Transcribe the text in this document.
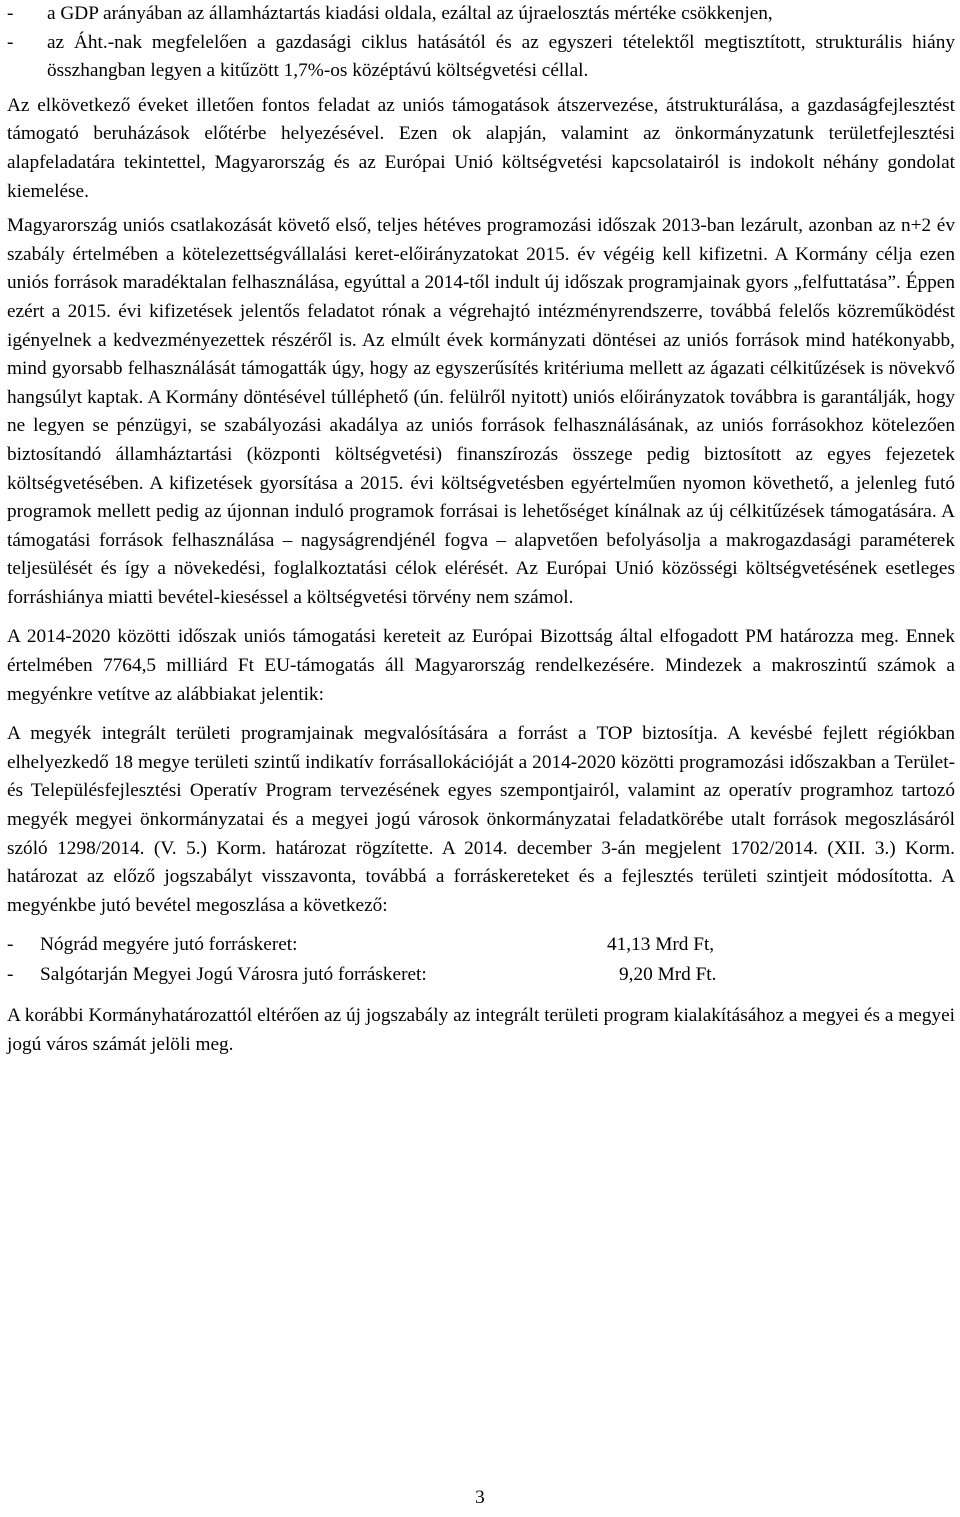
-	a GDP arányában az államháztartás kiadási oldala, ezáltal az újraelosztás mértéke csökkenjen,
-	az Áht.-nak megfelelően a gazdasági ciklus hatásától és az egyszeri tételektől megtisztított, strukturális hiány összhangban legyen a kitűzött 1,7%-os középtávú költségvetési céllal.

Az elkövetkező éveket illetően fontos feladat az uniós támogatások átszervezése, átstrukturálása, a gazdaságfejlesztést támogató beruházások előtérbe helyezésével. Ezen ok alapján, valamint az önkormányzatunk területfejlesztési alapfeladatára tekintettel, Magyarország és az Európai Unió költségvetési kapcsolatairól is indokolt néhány gondolat kiemelése.

Magyarország uniós csatlakozását követő első, teljes hétéves programozási időszak 2013-ban lezárult, azonban az n+2 év szabály értelmében a kötelezettségvállalási keret-előirányzatokat 2015. év végéig kell kifizetni. A Kormány célja ezen uniós források maradéktalan felhasználása, egyúttal a 2014-től indult új időszak programjainak gyors „felfuttatása”. Éppen ezért a 2015. évi kifizetések jelentős feladatot rónak a végrehajtó intézményrendszerre, továbbá felelős közreműködést igényelnek a kedvezményezettek részéről is. Az elmúlt évek kormányzati döntései az uniós források mind hatékonyabb, mind gyorsabb felhasználását támogatták úgy, hogy az egyszerűsítés kritériuma mellett az ágazati célkitűzések is növekvő hangsúlyt kaptak. A Kormány döntésével túlléphető (ún. felülről nyitott) uniós előirányzatok továbbra is garantálják, hogy ne legyen se pénzügyi, se szabályozási akadálya az uniós források felhasználásának, az uniós forrásokhoz kötelezően biztosítandó államháztartási (központi költségvetési) finanszírozás összege pedig biztosított az egyes fejezetek költségvetésében. A kifizetések gyorsítása a 2015. évi költségvetésben egyértelműen nyomon követhető, a jelenleg futó programok mellett pedig az újonnan induló programok forrásai is lehetőséget kínálnak az új célkitűzések támogatására. A támogatási források felhasználása – nagyságrendjénél fogva – alapvetően befolyásolja a makrogazdasági paraméterek teljesülését és így a növekedési, foglalkoztatási célok elérését. Az Európai Unió közösségi költségvetésének esetleges forráshiánya miatti bevétel-kieséssel a költségvetési törvény nem számol.

A 2014-2020 közötti időszak uniós támogatási kereteit az Európai Bizottság által elfogadott PM határozza meg. Ennek értelmében 7764,5 milliárd Ft EU-támogatás áll Magyarország rendelkezésére. Mindezek a makroszintű számok a megyénkre vetítve az alábbiakat jelentik:

A megyék integrált területi programjainak megvalósítására a forrást a TOP biztosítja. A kevésbé fejlett régiókban elhelyezkedő 18 megye területi szintű indikatív forrásallokációját a 2014-2020 közötti programozási időszakban a Terület- és Településfejlesztési Operatív Program tervezésének egyes szempontjairól, valamint az operatív programhoz tartozó megyék megyei önkormányzatai és a megyei jogú városok önkormányzatai feladatkörébe utalt források megoszlásáról szóló 1298/2014. (V. 5.) Korm. határozat rögzítette. A 2014. december 3-án megjelent 1702/2014. (XII. 3.) Korm. határozat az előző jogszabályt visszavonta, továbbá a forráskereteket és a fejlesztés területi szintjeit módosította. A megyénkbe jutó bevétel megoszlása a következő:

-	Nógrád megyére jutó forráskeret:	41,13 Mrd Ft,
-	Salgótarján Megyei Jogú Városra jutó forráskeret:	9,20 Mrd Ft.

A korábbi Kormányhatározattól eltérően az új jogszabály az integrált területi program kialakításához a megyei és a megyei jogú város számát jelöli meg.

3
